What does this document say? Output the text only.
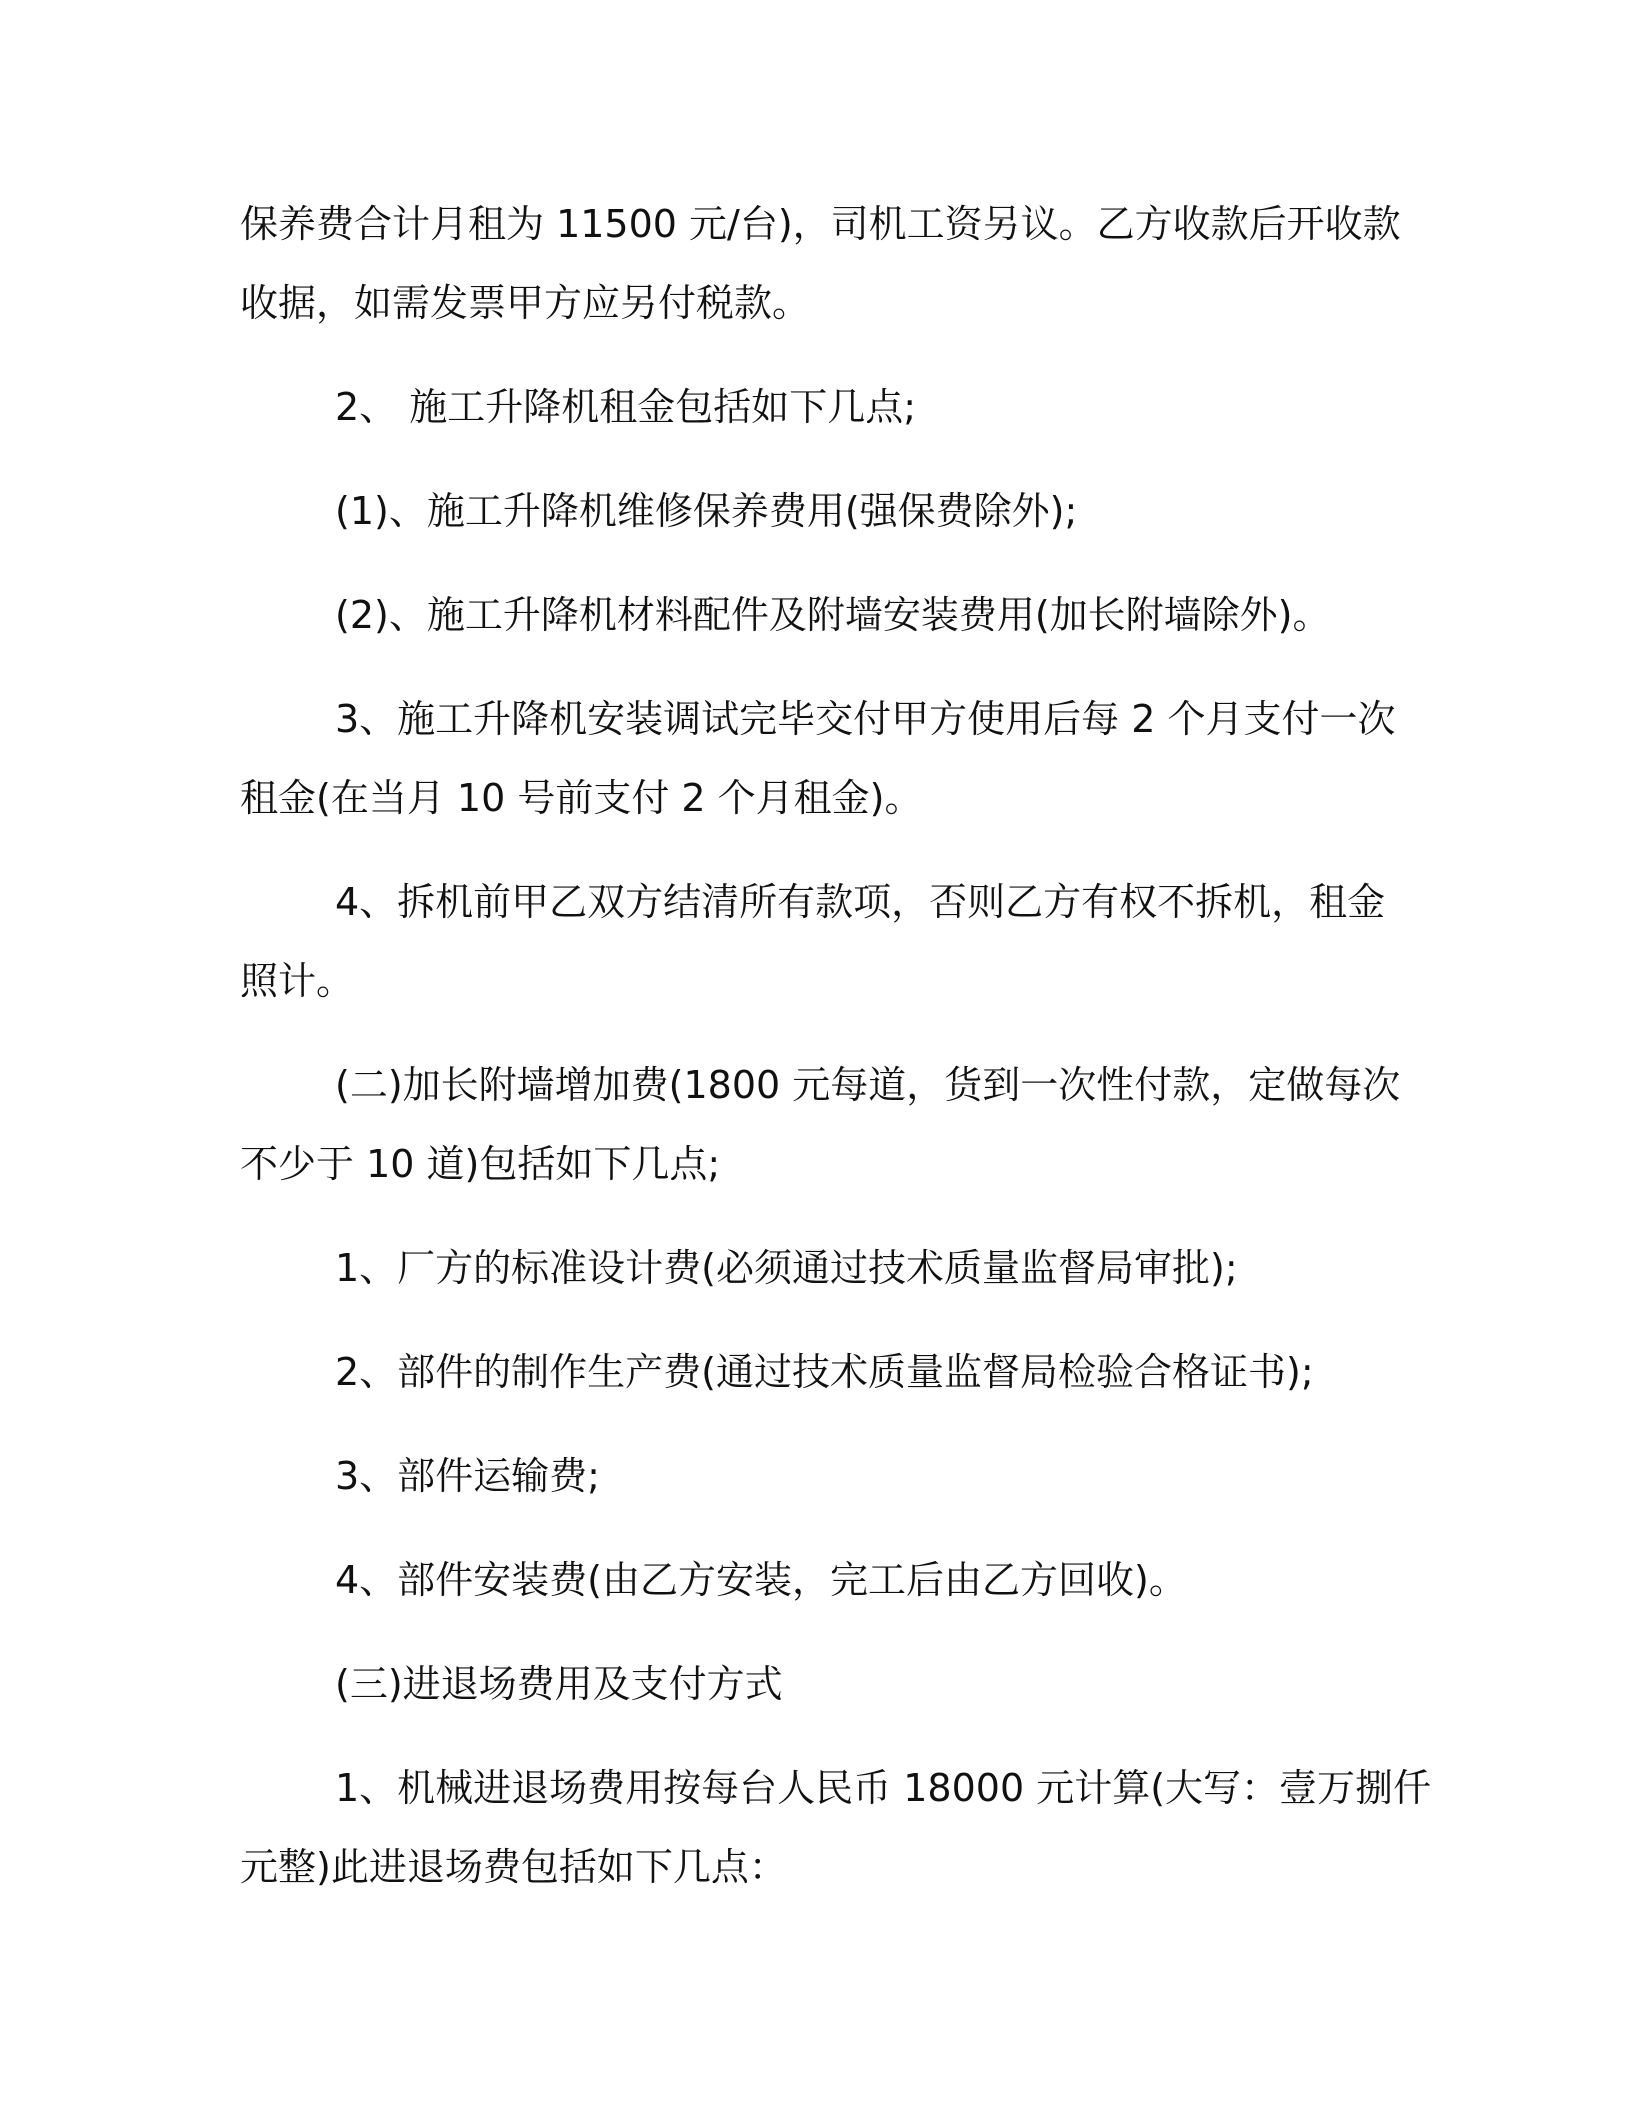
保养费合计月租为 11500 元/台)，司机工资另议。乙方收款后开收款
收据，如需发票甲方应另付税款。

2、 施工升降机租金包括如下几点;

(1)、施工升降机维修保养费用(强保费除外);

(2)、施工升降机材料配件及附墙安装费用(加长附墙除外)。

3、施工升降机安装调试完毕交付甲方使用后每 2 个月支付一次
租金(在当月 10 号前支付 2 个月租金)。

4、拆机前甲乙双方结清所有款项，否则乙方有权不拆机，租金
照计。

(二)加长附墙增加费(1800 元每道，货到一次性付款，定做每次
不少于 10 道)包括如下几点;

1、厂方的标准设计费(必须通过技术质量监督局审批);

2、部件的制作生产费(通过技术质量监督局检验合格证书);

3、部件运输费;

4、部件安装费(由乙方安装，完工后由乙方回收)。

(三)进退场费用及支付方式

1、机械进退场费用按每台人民币 18000 元计算(大写：壹万捌仟
元整)此进退场费包括如下几点：
